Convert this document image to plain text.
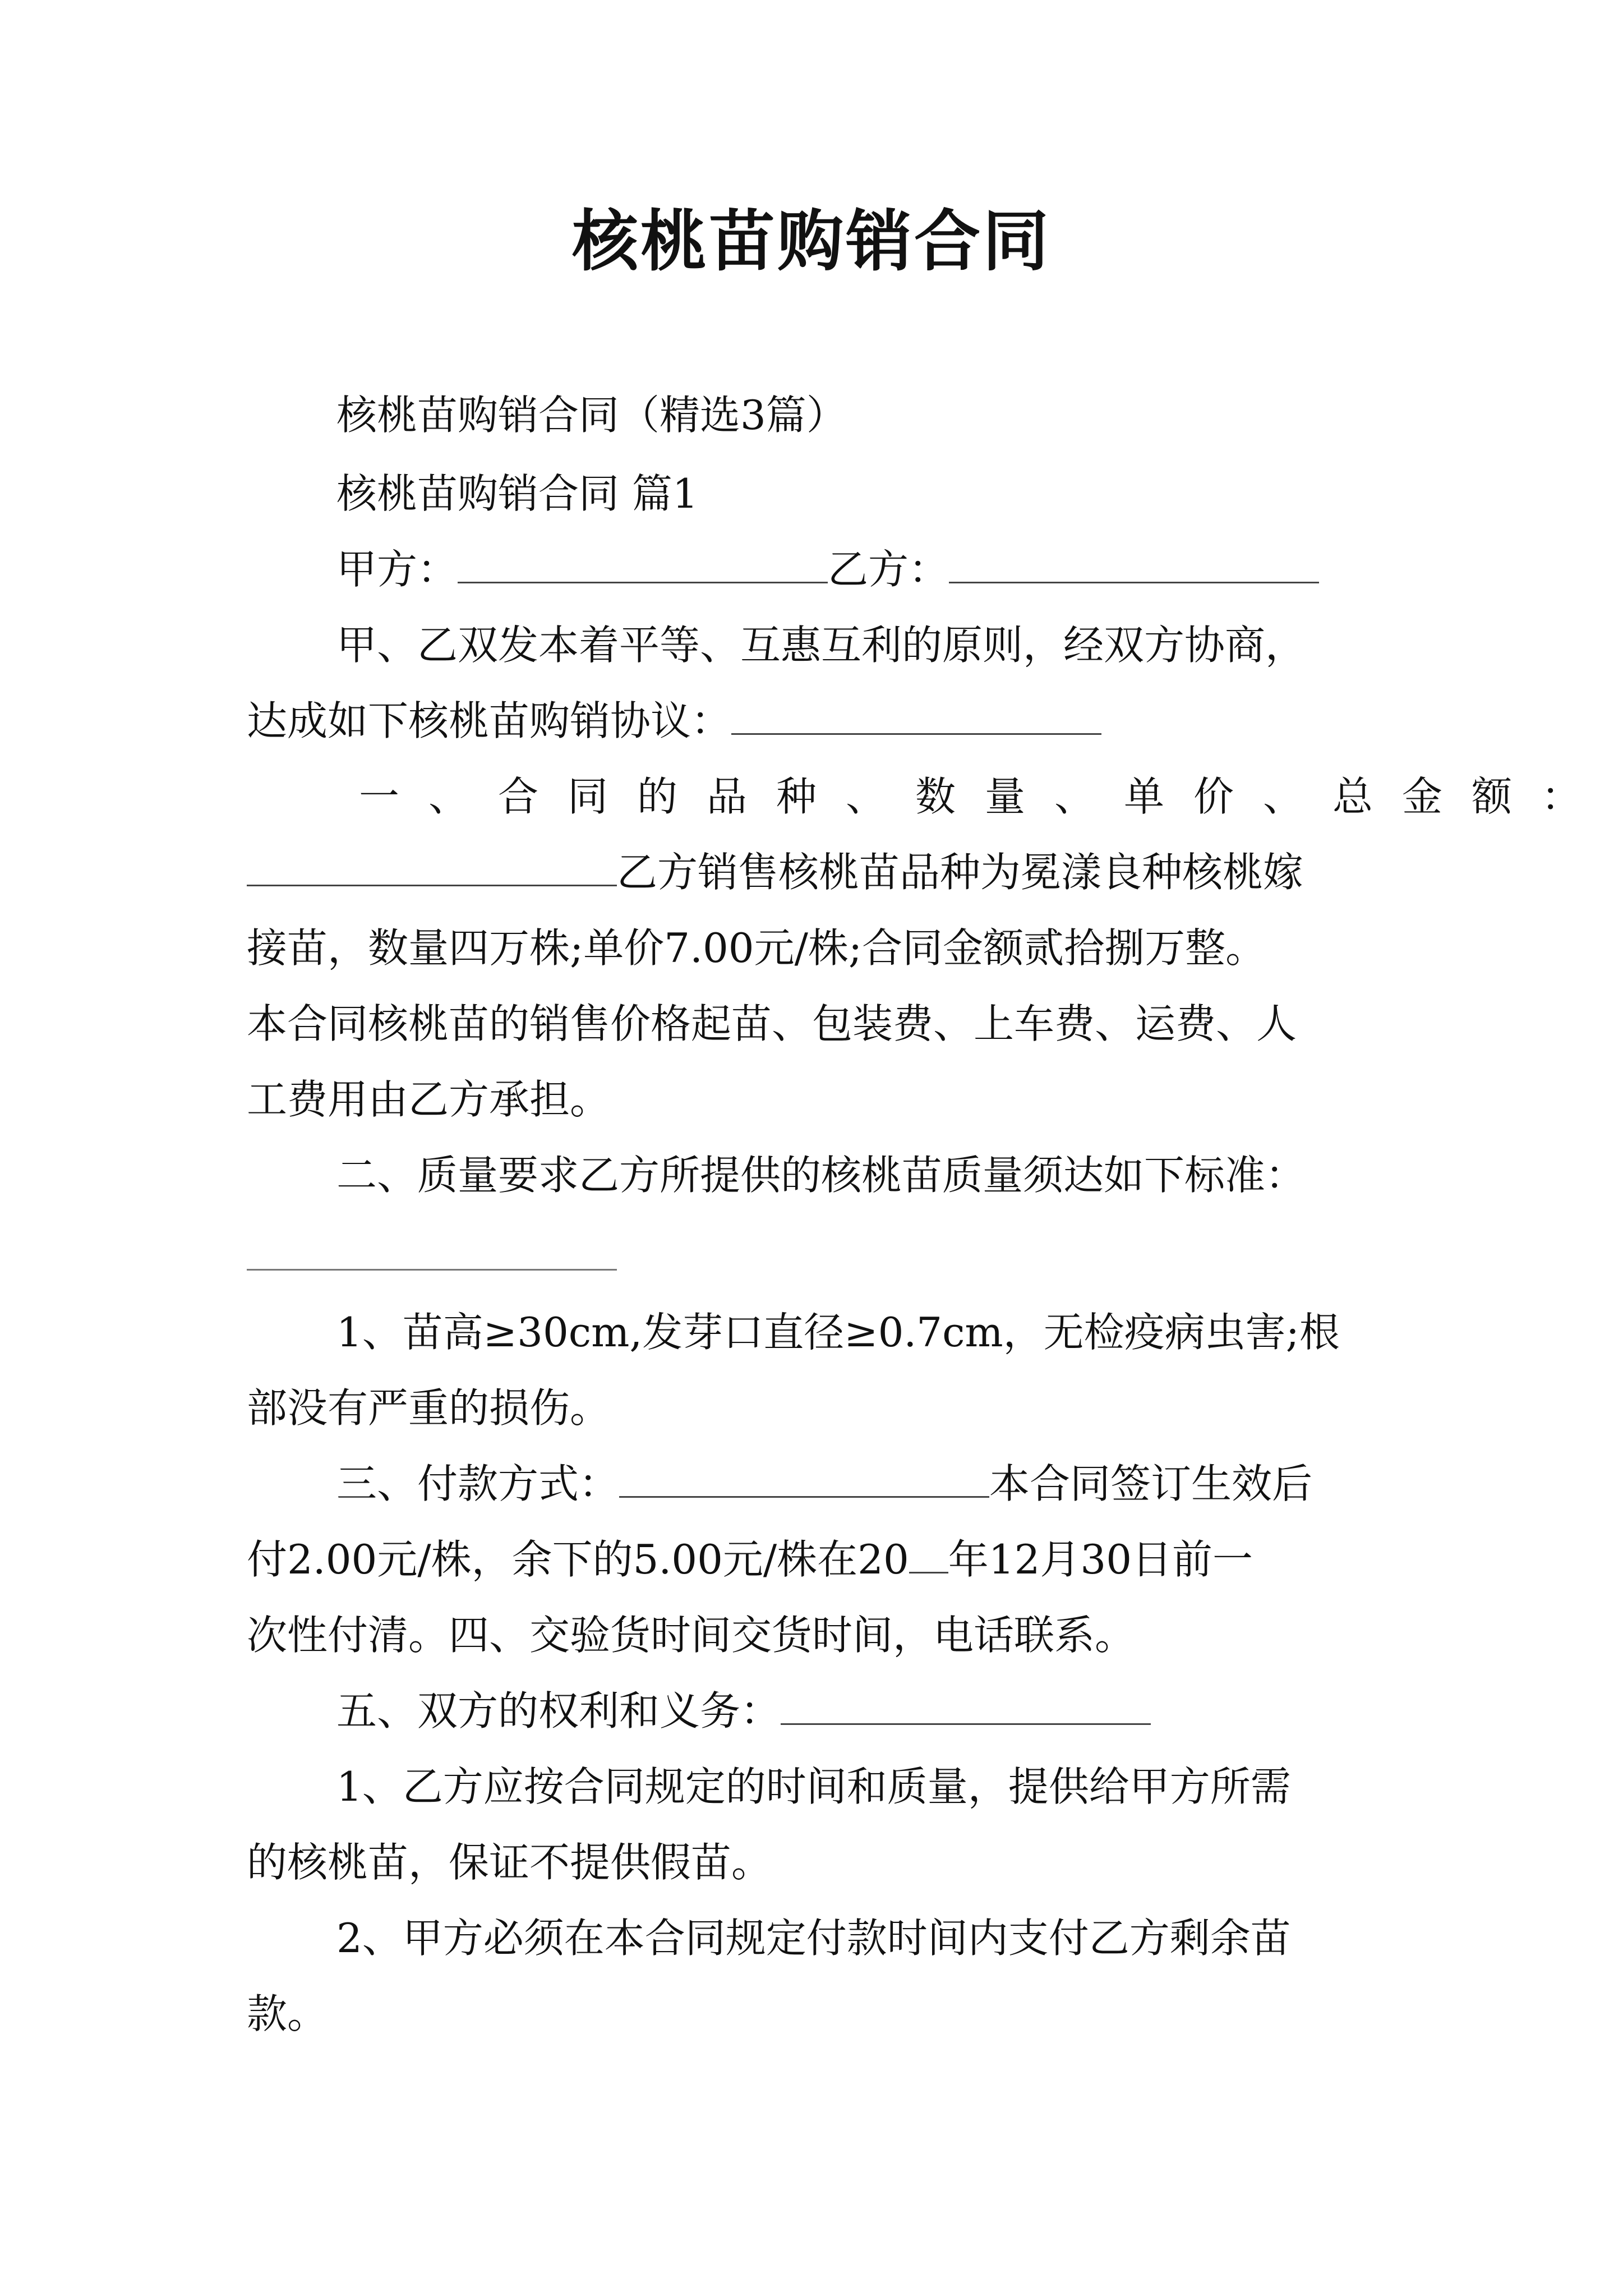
核桃苗购销合同
核桃苗购销合同（精选3篇）
核桃苗购销合同 篇1
甲方：	乙方：
甲、乙双发本着平等、互惠互利的原则，经双方协商，
达成如下核桃苗购销协议：
一、合同的品种、数量、单价、总金额：
乙方销售核桃苗品种为冕漾良种核桃嫁
接苗，数量四万株;单价7.00元/株;合同金额贰拾捌万整。
本合同核桃苗的销售价格起苗、包装费、上车费、运费、人
工费用由乙方承担。
二、质量要求乙方所提供的核桃苗质量须达如下标准：
1、苗高≥30cm,发芽口直径≥0.7cm，无检疫病虫害;根
部没有严重的损伤。
三、付款方式：	本合同签订生效后
付2.00元/株，余下的5.00元/株在20 年12月30日前一
次性付清。四、交验货时间交货时间，电话联系。
五、双方的权利和义务：
1、乙方应按合同规定的时间和质量，提供给甲方所需
的核桃苗，保证不提供假苗。
2、甲方必须在本合同规定付款时间内支付乙方剩余苗
款。
